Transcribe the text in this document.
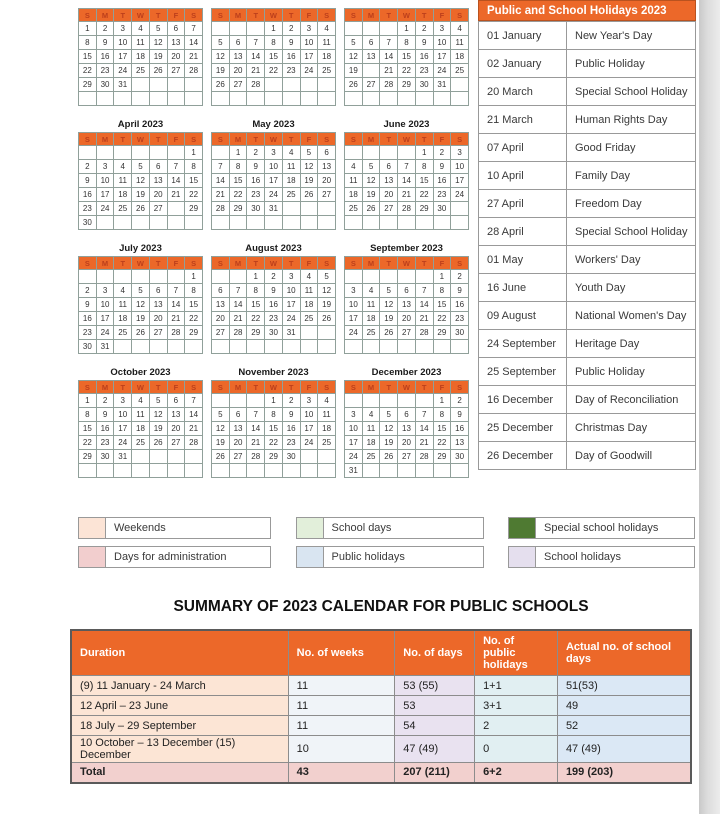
S	M	T	W	T	F	S
1	2	3	4	5	6	7
8	9	10	11	12	13	14
15	16	17	18	19	20	21
22	23	24	25	26	27	28
29	30	31				

S	M	T	W	T	F	S
			1	2	3	4
5	6	7	8	9	10	11
12	13	14	15	16	17	18
19	20	21	22	23	24	25
26	27	28				

S	M	T	W	T	F	S
			1	2	3	4
5	6	7	8	9	10	11
12	13	14	15	16	17	18
19	20	21	22	23	24	25
26	27	28	29	30	31	

April 2023
S	M	T	W	T	F	S
						1
2	3	4	5	6	7	8
9	10	11	12	13	14	15
16	17	18	19	20	21	22
23	24	25	26	27	28	29
30						
May 2023
S	M	T	W	T	F	S
	1	2	3	4	5	6
7	8	9	10	11	12	13
14	15	16	17	18	19	20
21	22	23	24	25	26	27
28	29	30	31			

June 2023
S	M	T	W	T	F	S
				1	2	3
4	5	6	7	8	9	10
11	12	13	14	15	16	17
18	19	20	21	22	23	24
25	26	27	28	29	30	

July 2023
S	M	T	W	T	F	S
						1
2	3	4	5	6	7	8
9	10	11	12	13	14	15
16	17	18	19	20	21	22
23	24	25	26	27	28	29
30	31					
August 2023
S	M	T	W	T	F	S
		1	2	3	4	5
6	7	8	9	10	11	12
13	14	15	16	17	18	19
20	21	22	23	24	25	26
27	28	29	30	31		

September 2023
S	M	T	W	T	F	S
					1	2
3	4	5	6	7	8	9
10	11	12	13	14	15	16
17	18	19	20	21	22	23
24	25	26	27	28	29	30

October 2023
S	M	T	W	T	F	S
1	2	3	4	5	6	7
8	9	10	11	12	13	14
15	16	17	18	19	20	21
22	23	24	25	26	27	28
29	30	31				

November 2023
S	M	T	W	T	F	S
			1	2	3	4
5	6	7	8	9	10	11
12	13	14	15	16	17	18
19	20	21	22	23	24	25
26	27	28	29	30		

December 2023
S	M	T	W	T	F	S
					1	2
3	4	5	6	7	8	9
10	11	12	13	14	15	16
17	18	19	20	21	22	13
24	25	26	27	28	29	30
31						
Public and School Holidays 2023
01 January	New Year's Day
02 January	Public Holiday
20 March	Special School Holiday
21 March	Human Rights Day
07 April	Good Friday
10 April	Family Day
27 April	Freedom Day
28 April	Special School Holiday
01 May	Workers' Day
16 June	Youth Day
09 August	National Women's Day
24 September	Heritage Day
25 September	Public Holiday
16 December	Day of Reconciliation
25 December	Christmas Day
26 December	Day of Goodwill
Weekends	School days	Special school holidays
Days for administration	Public holidays	School holidays
SUMMARY OF 2023 CALENDAR FOR PUBLIC SCHOOLS
Duration	No. of weeks	No. of days	No. of public holidays	Actual no. of school days
(9) 11 January - 24 March	11	53 (55)	1+1	51(53)
12 April – 23 June	11	53	3+1	49
18 July – 29 September	11	54	2	52
10 October – 13 December (15) December	10	47 (49)	0	47 (49)
Total	43	207 (211)	6+2	199 (203)
